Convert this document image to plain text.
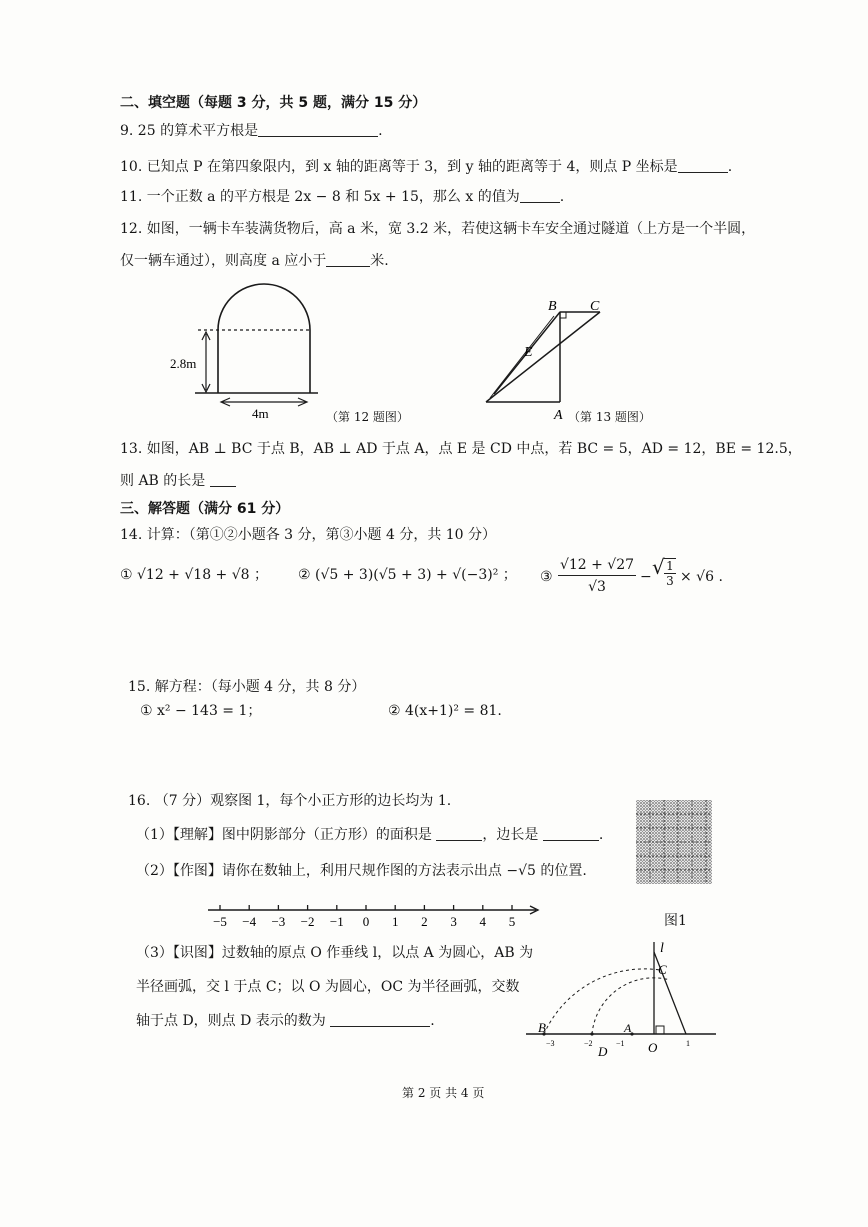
二、填空题（每题 3 分，共 5 题，满分 15 分）
9. 25 的算术平方根是	.
10. 已知点 P 在第四象限内，到 x 轴的距离等于 3，到 y 轴的距离等于 4，则点 P 坐标是	.
11. 一个正数 a 的平方根是 2x − 8 和 5x + 15，那么 x 的值为	.
12. 如图，一辆卡车装满货物后，高 a 米，宽 3.2 米，若使这辆卡车安全通过隧道（上方是一个半圆，
仅一辆车通过），则高度 a 应小于	米.
2.8m
4m	（第 12 题图）
B C
E
A （第 13 题图）
13. 如图，AB ⊥ BC 于点 B，AB ⊥ AD 于点 A，点 E 是 CD 中点，若 BC = 5，AD = 12，BE = 12.5，
则 AB 的长是
三、解答题（满分 61 分）
14. 计算：（第①②小题各 3 分，第③小题 4 分，共 10 分）
① √12 + √18 + √8 ； ② (√5 + 3)(√5 + 3) + √(−3)² ； ③ $\frac{√12 + √27}{√3}$ − √ $\frac{1}{3} \times √6$ .
15. 解方程：（每小题 4 分，共 8 分）
① x² − 143 = 1；	② 4(x+1)² = 81.
16. （7 分）观察图 1，每个小正方形的边长均为 1.
（1）【理解】图中阴影部分（正方形）的面积是	，边长是	.
（2）【作图】请你在数轴上，利用尺规作图的方法表示出点 −√5 的位置.
图1
−5 −4 −3 −2 −1 0 1 2 3 4 5
（3）【识图】过数轴的原点 O 作垂线 l，以点 A 为圆心，AB 为
半径画弧，交 l 于点 C；以 O 为圆心，OC 为半径画弧，交数
轴于点 D，则点 D 表示的数为	.
l
C
B
D
A
O
−3	−2	−1	1
第 2 页 共 4 页
